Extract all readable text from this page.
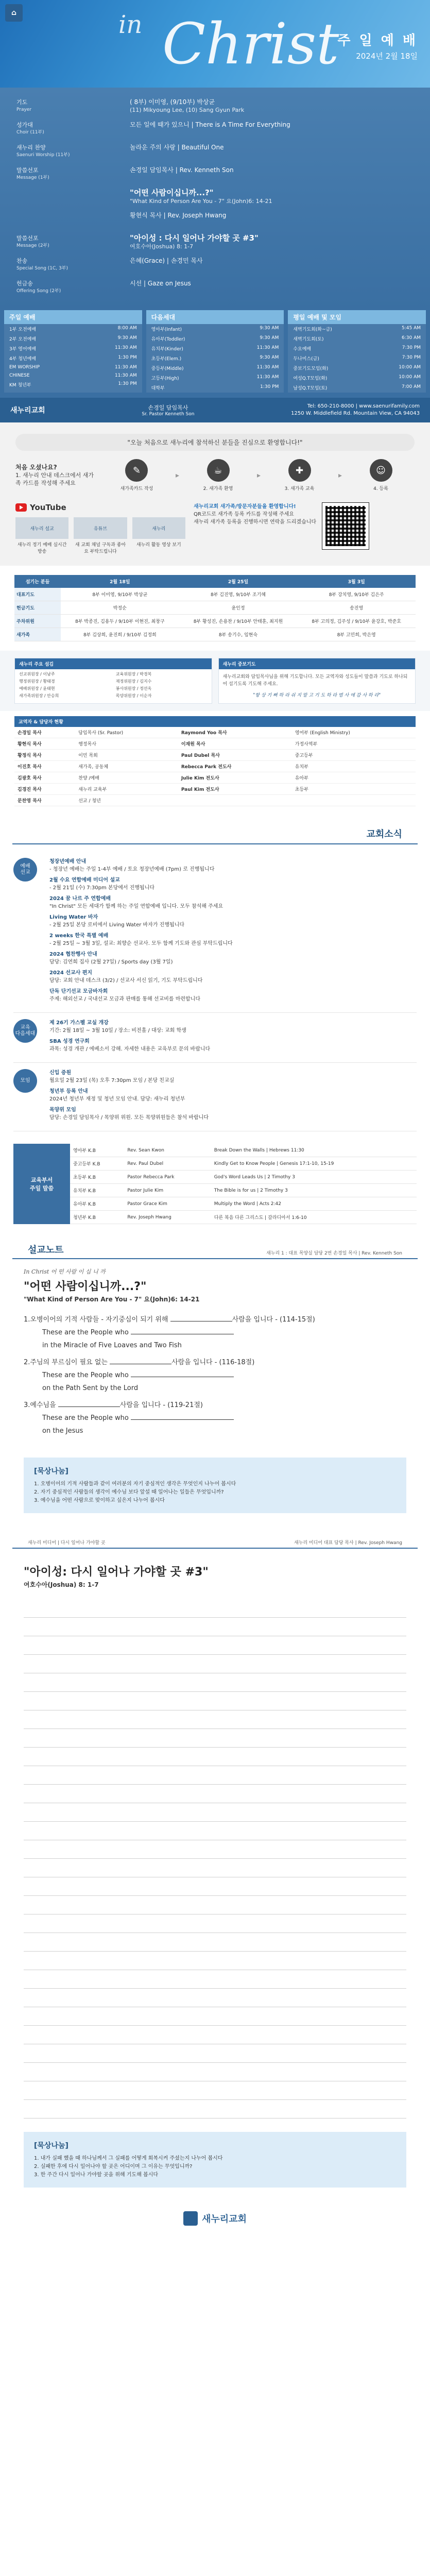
⌂	in Christ
주 일 예 배
2024년 2월 18일
기도
Prayer
( 8부) 이미영, (9/10부) 박상균
(11) Mikyoung Lee, (10) Sang Gyun Park
성가대
Choir (11부)
모든 일에 때가 있으니 | There is A Time For Everything
새누리 찬양
Saenuri Worship (11부)
놀라운 주의 사랑 | Beautiful One
말씀선포
Message (1부)
손경일 담임목사 | Rev. Kenneth Son
"어떤 사람이십니까...?"
"What Kind of Person Are You - 7" 요(John)6: 14-21
황현식 목사 | Rev. Joseph Hwang
말씀선포
Message (2부)
"아이성 : 다시 일어나 가야할 곳 #3"
여호수아(Joshua) 8: 1-7
찬송
Special Song (1C, 3부)
은혜(Grace) | 손경민 목사
헌금송
Offering Song (2부)
시선 | Gaze on Jesus
주일 예배
1부 오전예배	8:00 AM
2부 오전예배	9:30 AM
3부 영어예배	11:30 AM
4부 청년예배	1:30 PM
EM WORSHIP	11:30 AM
CHINESE	11:30 AM
KM 청년부	1:30 PM
다음세대
영아부(Infant)	9:30 AM
유아부(Toddler)	9:30 AM
유치부(Kinder)	11:30 AM
초등부(Elem.)	9:30 AM
중등부(Middle)	11:30 AM
고등부(High)	11:30 AM
대학부	1:30 PM
평일 예배 및 모임
새벽기도회(화~금)	5:45 AM
새벽기도회(토)	6:30 AM
수요예배	7:30 PM
두나미스(금)	7:30 PM
중보기도모임(화)	10:00 AM
여성Q.T모임(화)	10:00 AM
남성Q.T모임(토)	7:00 AM
새누리교회	손경일 담임목사
Sr. Pastor Kenneth Son
Tel: 650-210-8000 | www.saenurifamily.com
1250 W. Middlefield Rd. Mountain View, CA 94043
"오늘 처음으로 새누리에 참석하신 분들을 진심으로 환영합니다!"
처음 오셨나요?
1. 새누리 안내 데스크에서 새가족 카드를 작성해 주세요
✎
새가족카드 작성
▸	☕
2. 새가족 환영
▸	✚
3. 새가족 교육
▸	☺
4. 등록
YouTube
새누리 설교
새누리 정기 예배 실시간 방송
유튜브
새 교회 채널 구독과 좋아요 부탁드립니다
새누리
새누리 활동 영상 보기
새누리교회 새가족/방문자분들을 환영합니다!
QR코드로 새가족 등록 카드를 작성해 주세요
새누리 새가족 등록을 진행하시면 연락을 드리겠습니다
섬기는 분들	2월 18일	2월 25일	3월 3일
대표기도	8부 이미영, 9/10부 박상균	8부 김진영, 9/10부 조기혜	8부 강치영, 9/10부 김은주
헌금기도	박정순	윤인정	송진영
주차위원	8부 박종진, 김용두 / 9/10부 이현진, 최창구	8부 황성진, 손용찬 / 9/10부 안태훈, 최지원	8부 고의정, 김주성 / 9/10부 윤강호, 박준호
새가족	8부 김상희, 윤진희 / 9/10부 김정희	8부 송기수, 임현숙	8부 고민희, 박은영
새누리 주요 섬김
선교위원장 / 이남주	교육위원장 / 박경복
행정위원장 / 황태경	재정위원장 / 김지수
예배위원장 / 윤태현	봉사위원장 / 정선옥
새가족위원장 / 안승희	목양위원장 / 이순자
새누리 중보기도
새누리교회와 담임목사님을 위해 기도합니다. 모든 교역자와 성도들이 말씀과 기도로 하나되어 섬기도록 기도해 주세요.
"항 상 기 뻐 하 라 쉬 지 말 고 기 도 하 라 범 사 에 감 사 하 라"
교역자 & 담당자 현황
손경일 목사	담임목사 (Sr. Pastor)	Raymond Yoo 목사	영어부 (English Ministry)
황현식 목사	행정목사	이재원 목사	가정사역부
황정식 목사	이민 목회	Paul Dubel 목사	중고등부
이진호 목사	새가족, 공동체	Rebecca Park 전도사	유치부
김광호 목사	찬양 /예배	Julie Kim 전도사	유아부
김경진 목사	새누리 교육부	Paul Kim 전도사	초등부
문찬영 목사	선교 / 청년		
교회소식
예배
선교
청장년예배 안내
- 청장년 예배는 주일 1-4부 예배 / 토요 청장년예배 (7pm) 로 진행됩니다
2월 수요 연합예배 미디어 설교
- 2월 21일 (수) 7:30pm 본당에서 진행됩니다
2024 꿈 나르 주 연합예배
"In Christ" 모든 세대가 함께 하는 주일 연합예배 입니다. 모두 참석해 주세요
Living Water 바자
- 2월 25일 본당 로비에서 Living Water 바자가 진행됩니다
2 weeks 한국 특별 예배
- 2월 25일 ~ 3월 3일, 설교: 최향순 선교사. 모두 함께 기도와 관심 부탁드립니다
2024 협찬행사 안내
담당: 김연희 집사 (2월 27일) / Sports day (3월 7일)
2024 선교사 편지
담당: 교회 안내 데스크 (3/2) / 선교사 서신 읽기, 기도 부탁드립니다
단독 단기선교 모금바자회
주제: 해외선교 / 국내선교 모금과 판매를 통해 선교비를 마련합니다
교육
다음세대
제 26기 가스펠 교실 개강
기간: 2월 18일 ~ 3월 10일 / 장소: 비전홀 / 대상: 교회 학생
SBA 성경 연구회
과목: 성경 개관 / 에베소서 강해. 자세한 내용은 교육부로 문의 바랍니다
모임
신입 증원
월요일 2월 23일 (목) 오후 7:30pm 모임 / 본당 친교실
청년부 등록 안내
2024년 청년부 재정 및 청년 모임 안내. 담당: 새누리 청년부
목양위 모임
담당: 손경일 담임목사 / 목양위 위원. 모든 목양위원들은 참석 바랍니다
교육부서
주일 말씀
영아부 K.B	Rev. Sean Kwon	Break Down the Walls | Hebrews 11:30
중고등부 K.B	Rev. Paul Dubel	Kindly Get to Know People | Genesis 17:1-10, 15-19
초등부 K.B	Pastor Rebecca Park	God's Word Leads Us | 2 Timothy 3
유치부 K.B	Pastor Julie Kim	The Bible is for us | 2 Timothy 3
유아부 K.B	Pastor Grace Kim	Multiply the Word | Acts 2:42
청년부 K.B	Rev. Joseph Hwang	다른 복음 다른 그리스도 | 갈라디아서 1:6-10
설교노트	새누리 1 : 대표 목양실 담당 2번 손경일 목사 | Rev. Kenneth Son
In Christ 어 떤 사람 이 십 니 까
"어떤 사람이십니까...?"
"What Kind of Person Are You - 7" 요(John)6: 14-21
1.오병이어의 기적 사람들 - 자기중심이 되기 위해	사람을 입니다 - (114-15절)
These are the People who
in the Miracle of Five Loaves and Two Fish
2.주님의 부르심이 필요 없는	사람을 입니다 - (116-18절)
These are the People who
on the Path Sent by the Lord
3.예수님을	사람을 입니다 - (119-21절)
These are the People who
on the Jesus
[묵상나눔]
1. 오병이어의 기적 사람들과 같이 여러분의 자기 중심적인 생각은 무엇인지 나누어 봅시다
2. 자기 중심적인 사람들의 생각이 예수님 보다 앞설 때 일어나는 일들은 무엇입니까?
3. 예수님을 어떤 사람으로 맞이하고 싶은지 나누어 봅시다
새누리 미디어 | 다시 일어나 가야할 곳	새누리 미디어 대표 담당 목사 | Rev. Joseph Hwang
"아이성: 다시 일어나 가야할 곳 #3"
여호수아(Joshua) 8: 1-7
[묵상나눔]
1. 내가 실패 했을 때 하나님께서 그 실패를 어떻게 회복시켜 주셨는지 나누어 봅시다
2. 실패한 후에 다시 일어나야 할 곳은 어디이며 그 이유는 무엇입니까?
3. 한 주간 다시 일어나 가야할 곳을 위해 기도해 봅시다
새누리교회
